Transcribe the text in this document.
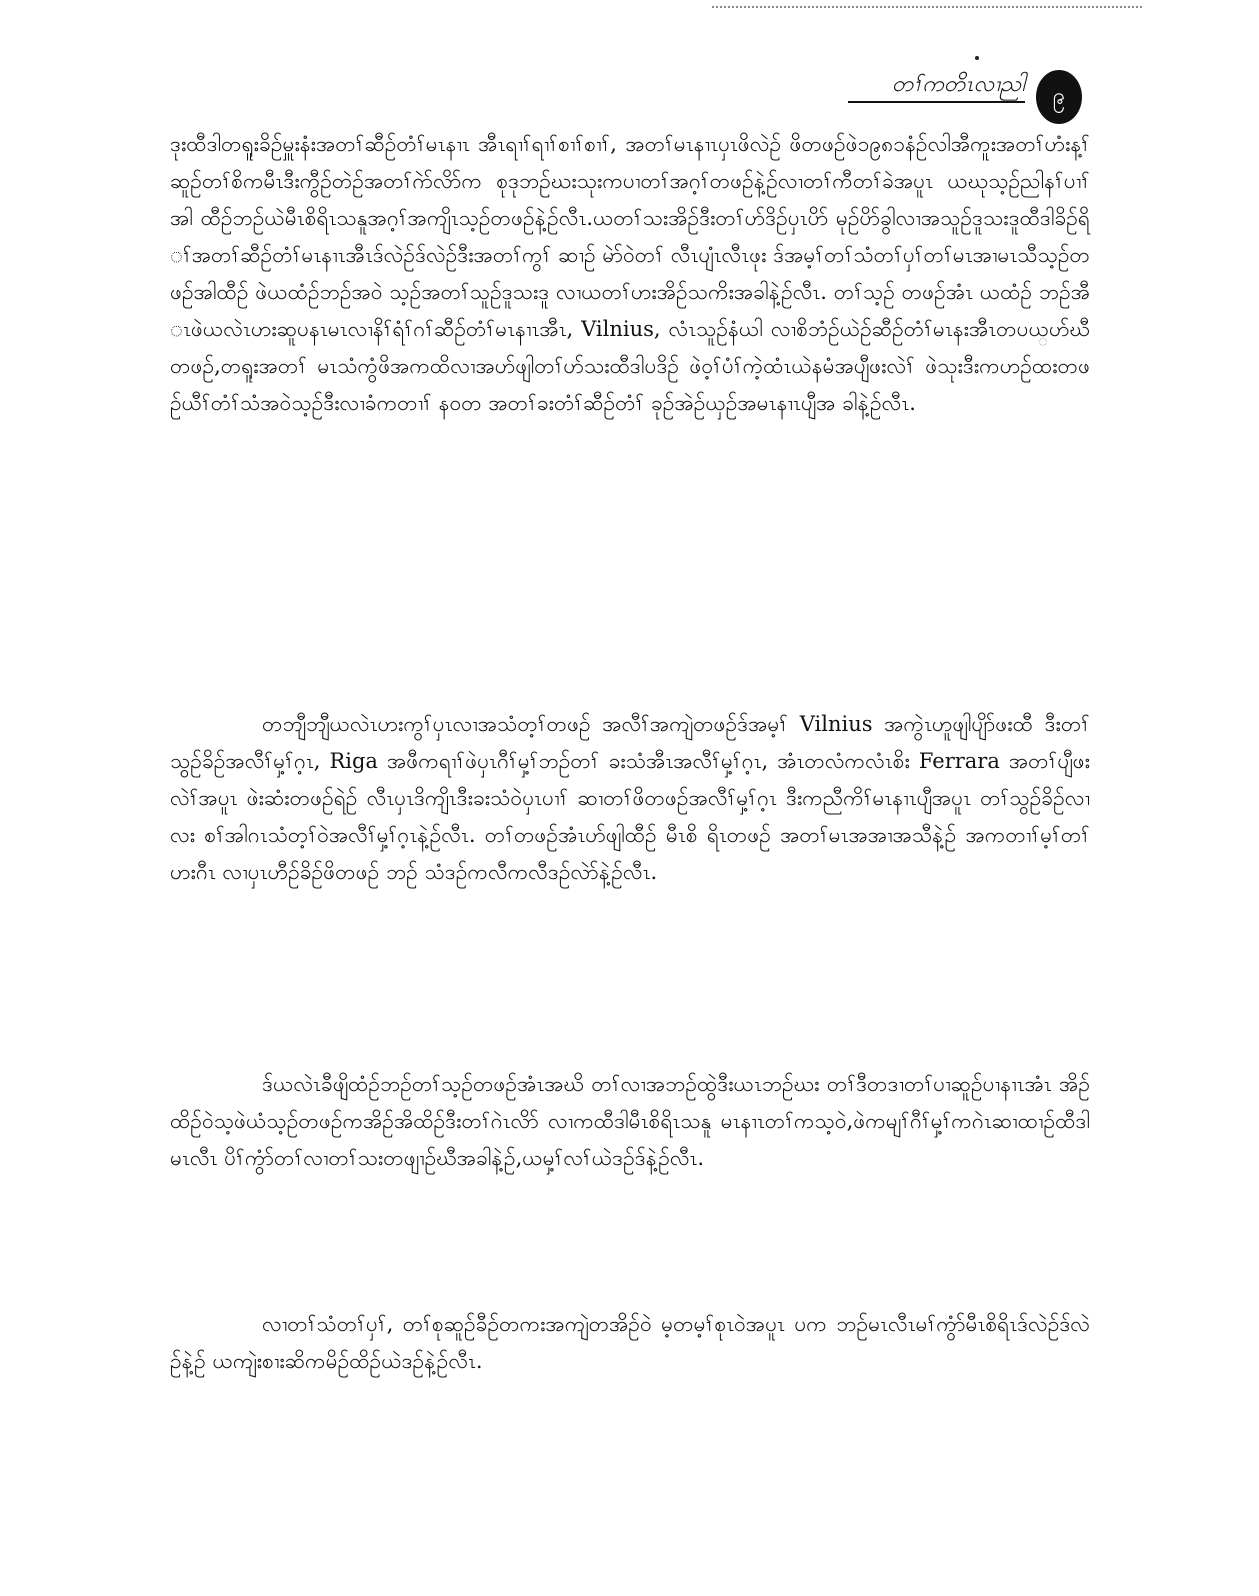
တၢ်ကတိၤလၢညါ	၉

ဒုးထီဒါတရူးခိဉ်မှူးနံးအတၢ်ဆီဉ်တံၢ်မၤနၢၤ အီၤရၢၢ်ရၢၢ်စၢၢ်စၢၢ်, အတၢ်မၤနၢၤပှၤဖိလဲဉ် ဖိတဖဉ်ဖဲ၁၉၈၁နံဉ်လါအီကူးအတၢ်ဟံးန့ၢ်ဆူဉ်တၢ်စိကမီၤဒီးကွီဉ်တဲဉ်အတၢ်ဂဲာ်လိာ်က စုဒုဘဉ်ဃးသုးကပၢတၢ်အဂ့ၢ်တဖဉ်နဲ့ဉ်လၢတၢ်ကီတၢ်ခဲအပူၤ ယဃုသ့ဉ်ညါနၢ်ပၢၢ်အါ ထီဉ်ဘဉ်ယဲမီၤစိရိၤသနူအဂ့ၢ်အကျိၤသ့ဉ်တဖဉ်နဲ့ဉ်လီၤ.ယတၢ်သးအိဉ်ဒီးတၢ်ဟ်ဒိဉ်ပှၤပိာ် မုဉ်ပိာ်ခွါလၢအသူဉ်ဒူသးဒူထီဒါခိဉ်ရိၢ်အတၢ်ဆီဉ်တံၢ်မၤနၢၤအီၤဒ်လဲဉ်ဒ်လဲဉ်ဒီးအတၢ်ကွၢ် ဆၢဉ် မဲာ်ဝဲတၢ် လီၤပျံၤလီၤဖုး ဒ်အမ့ၢ်တၢ်သံတၢ်ပှၢ်တၢ်မၤအၢမၤသီသ့ဉ်တဖဉ်အါထီဉ် ဖဲယထံဉ်ဘဉ်အဝဲ သ့ဉ်အတၢ်သူဉ်ဒူသးဒူ လၢယတၢ်ဟးအိဉ်သကိးအခါနဲ့ဉ်လီၤ. တၢ်သ့ဉ် တဖဉ်အံၤ ယထံဉ် ဘဉ်အီၤဖဲယလဲၤဟးဆူပနၤမၤလၢနိၢ်ရံၢ်ဂၢ်ဆီဉ်တံၢ်မၤနၢၤအီၤ, Vilnius, လံၤသူဉ်နံယါ လၢစိဘံဉ်ယဲဉ်ဆီဉ်တံၢ်မၤနးအီၤတပယ္ဟ်ဃီတဖဉ်,တရူးအတၢ် မၤသံကွံဖိအကထိလၢအဟ်ဖျါတၢ်ဟ်သးထီဒါပဒိဉ် ဖဲဝ့ၢ်ပံၢ်ကဲ့ထံၤယဲနမံအပျီဖးလဲၢ် ဖဲသုးဒီးကဟဉ်ထးတဖဉ်ယီၢ်တံၢ်သံအဝဲသ့ဉ်ဒီးလၢခံကတၢၢ် နဝတ အတၢ်ခးတံၢ်ဆီဉ်တံၢ် ခုဉ်အဲဉ်ယှဉ်အမၤနၢၤပျီအ ခါနဲ့ဉ်လီၤ.

တဘျီဘျီယလဲၤဟးကွၢ်ပှၤလၢအသံတ့ၢ်တဖဉ် အလီၢ်အကျဲတဖဉ်ဒ်အမ့ၢ် Vilnius အကွဲၤဟူဖျါပျိာ်ဖးထီ ဒီးတၢ်သွဉ်ခိဉ်အလီၢ်မှ့ၢ်ဂ့ၤ, Riga အဖီကရၢၢ်ဖဲပှၤဂီၢ်မှ့ၢ်ဘဉ်တၢ် ခးသံအီၤအလီၢ်မှ့ၢ်ဂ့ၤ, အံၤတလံကလံၤစိး Ferrara အတၢ်ပျီဖးလဲၢ်အပူၤ ဖဲးဆံးတဖဉ်ရဲဉ် လီၤပှၤဒိကျိၤဒီးခးသံဝဲပှၤပၢၢ် ဆၢတၢ်ဖိတဖဉ်အလီၢ်မှ့ၢ်ဂ့ၤ ဒီးကညီကိၢ်မၤနၢၤပျီအပူၤ တၢ်သွဉ်ခိဉ်လၢလး စၢ်အါဂၤသံတ့ၢ်ဝဲအလီၢ်မှ့ၢ်ဂ့ၤနဲ့ဉ်လီၤ. တၢ်တဖဉ်အံၤဟ်ဖျါထီဉ် မီၤစိ ရိၤတဖဉ် အတၢ်မၤအအၢအသီနဲ့ဉ် အကတၢၢ်မ့ၢ်တၢ်ဟးဂီၤ လၢပှၤဟီဉ်ခိဉ်ဖိတဖဉ် ဘဉ် သံဒဉ်ကလီကလီဒဉ်လဲာ်နဲ့ဉ်လီၤ.

ဒ်ယလဲၤခီဖျိထံဉ်ဘဉ်တၢ်သ့ဉ်တဖဉ်အံၤအဃိ တၢ်လၢအဘဉ်ထွဲဒီးယၤဘဉ်ဃး တၢ်ဒီတဒၢတၢ်ပၢဆူဉ်ပၢနၢၤအံၤ အိဉ်ထိဉ်ဝဲသ့ဖဲယံသ့ဉ်တဖဉ်ကအိဉ်အိထိဉ်ဒီးတၢ်ဂဲၤလိာ် လၢကထီဒါမီၤစိရိၤသနူ မၤနၢၤတၢ်ကသ့ဝဲ,ဖဲကမျၢ်ဂီၢ်မှ့ၢ်ကဂဲၤဆၢထၢဉ်ထီဒါမၤလီၤ ပိၢ်ကွံာ်တၢ်လၢတၢ်သးတဖျၢဉ်ဃီအခါနဲ့ဉ်,ယမှ့ၢ်လၢ်ယဲဒဉ်ဒ်နဲ့ဉ်လီၤ.

လၢတၢ်သံတၢ်ပှၢ်, တၢ်စုဆူဉ်ခီဉ်တကးအကျဲတအိဉ်ဝဲ မ့တမ့ၢ်စုၤဝဲအပူၤ ပက ဘဉ်မၤလီၤမၢ်ကွံာ်မီၤစိရိၤဒ်လဲဉ်ဒ်လဲဉ်နဲ့ဉ် ယကျဲးစၢးဆိကမိဉ်ထိဉ်ယဲဒဉ်နဲ့ဉ်လီၤ.
